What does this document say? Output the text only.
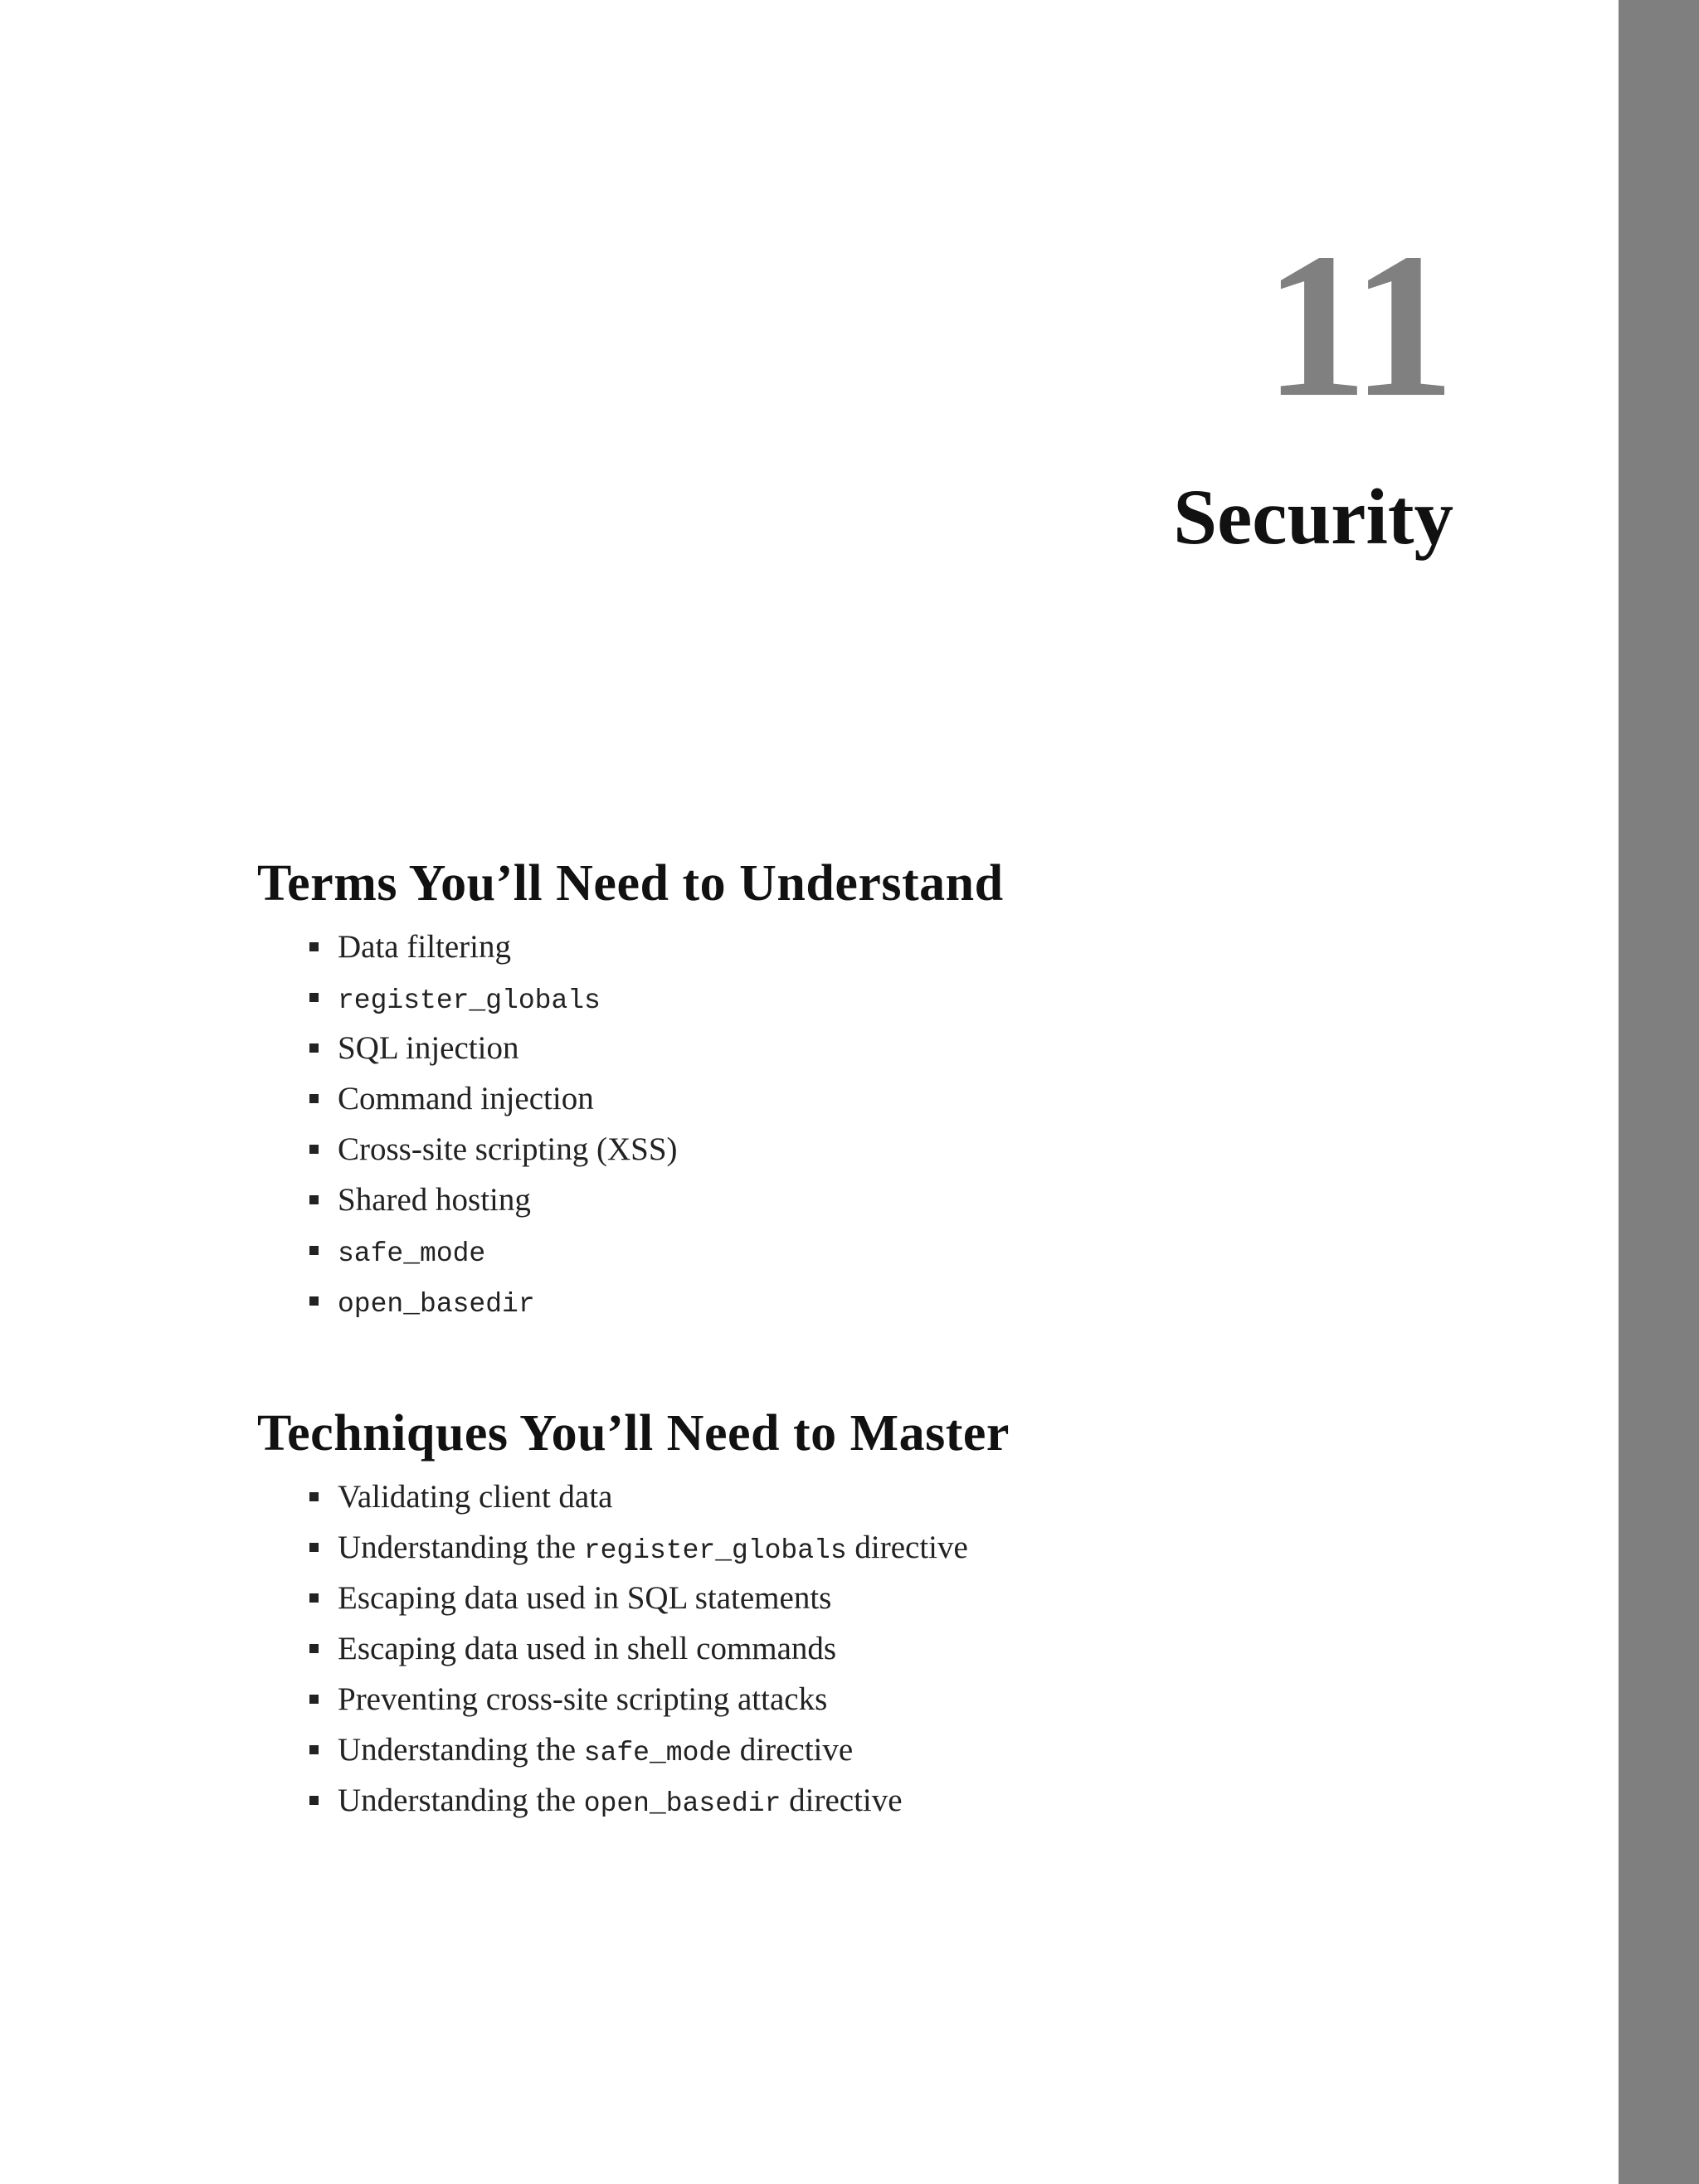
11
Security
Terms You’ll Need to Understand
Data filtering
register_globals
SQL injection
Command injection
Cross-site scripting (XSS)
Shared hosting
safe_mode
open_basedir
Techniques You’ll Need to Master
Validating client data
Understanding the register_globals directive
Escaping data used in SQL statements
Escaping data used in shell commands
Preventing cross-site scripting attacks
Understanding the safe_mode directive
Understanding the open_basedir directive
